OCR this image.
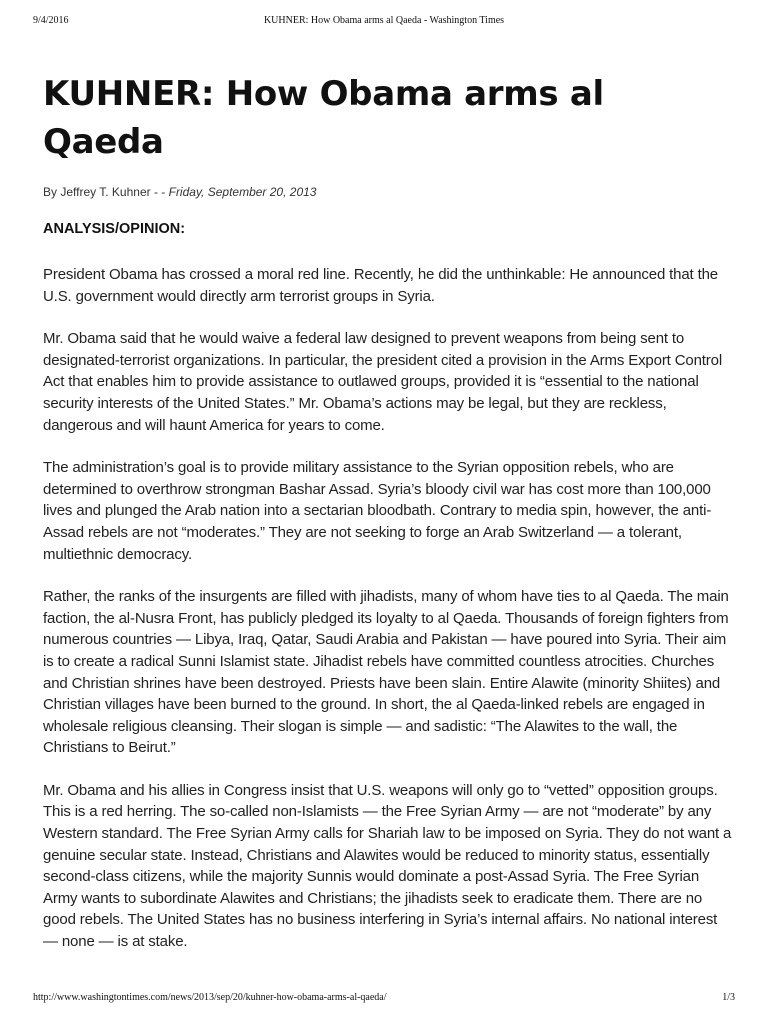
9/4/2016	KUHNER: How Obama arms al Qaeda - Washington Times
KUHNER: How Obama arms al Qaeda
By Jeffrey T. Kuhner - - Friday, September 20, 2013
ANALYSIS/OPINION:

President Obama has crossed a moral red line. Recently, he did the unthinkable: He announced that the U.S. government would directly arm terrorist groups in Syria.

Mr. Obama said that he would waive a federal law designed to prevent weapons from being sent to designated-terrorist organizations. In particular, the president cited a provision in the Arms Export Control Act that enables him to provide assistance to outlawed groups, provided it is “essential to the national security interests of the United States.” Mr. Obama’s actions may be legal, but they are reckless, dangerous and will haunt America for years to come.

The administration’s goal is to provide military assistance to the Syrian opposition rebels, who are determined to overthrow strongman Bashar Assad. Syria’s bloody civil war has cost more than 100,000 lives and plunged the Arab nation into a sectarian bloodbath. Contrary to media spin, however, the anti-Assad rebels are not “moderates.” They are not seeking to forge an Arab Switzerland — a tolerant, multiethnic democracy.

Rather, the ranks of the insurgents are filled with jihadists, many of whom have ties to al Qaeda. The main faction, the al-Nusra Front, has publicly pledged its loyalty to al Qaeda. Thousands of foreign fighters from numerous countries — Libya, Iraq, Qatar, Saudi Arabia and Pakistan — have poured into Syria. Their aim is to create a radical Sunni Islamist state. Jihadist rebels have committed countless atrocities. Churches and Christian shrines have been destroyed. Priests have been slain. Entire Alawite (minority Shiites) and Christian villages have been burned to the ground. In short, the al Qaeda-linked rebels are engaged in wholesale religious cleansing. Their slogan is simple — and sadistic: “The Alawites to the wall, the Christians to Beirut.”

Mr. Obama and his allies in Congress insist that U.S. weapons will only go to “vetted” opposition groups. This is a red herring. The so-called non-Islamists — the Free Syrian Army — are not “moderate” by any Western standard. The Free Syrian Army calls for Shariah law to be imposed on Syria. They do not want a genuine secular state. Instead, Christians and Alawites would be reduced to minority status, essentially second-class citizens, while the majority Sunnis would dominate a post-Assad Syria. The Free Syrian Army wants to subordinate Alawites and Christians; the jihadists seek to eradicate them. There are no good rebels. The United States has no business interfering in Syria’s internal affairs. No national interest — none — is at stake.

http://www.washingtontimes.com/news/2013/sep/20/kuhner-how-obama-arms-al-qaeda/	1/3
